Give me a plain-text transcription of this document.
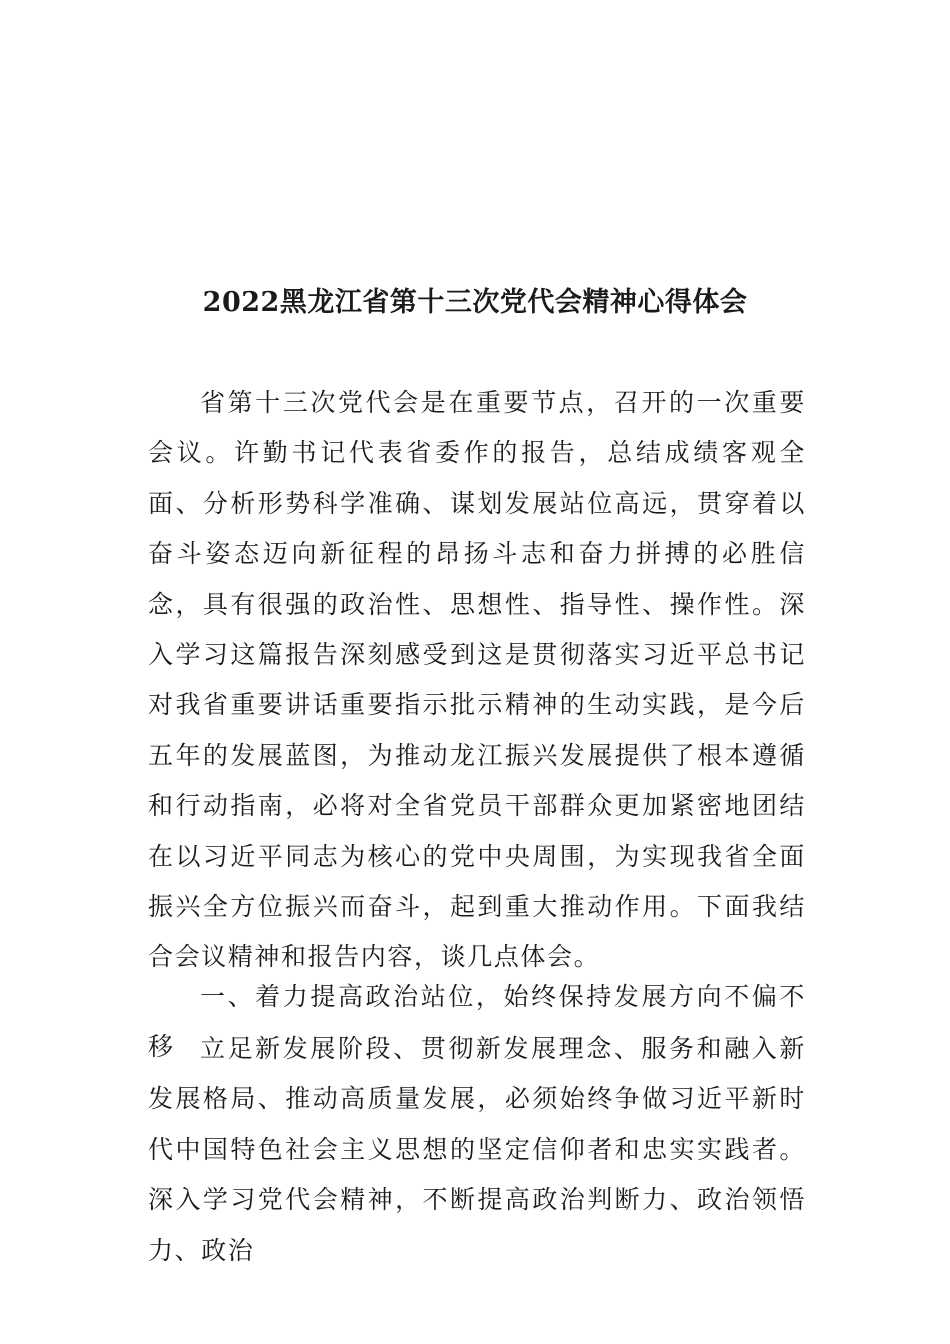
2022黑龙江省第十三次党代会精神心得体会

省第十三次党代会是在重要节点，召开的一次重要会议。许勤书记代表省委作的报告，总结成绩客观全面、分析形势科学准确、谋划发展站位高远，贯穿着以奋斗姿态迈向新征程的昂扬斗志和奋力拼搏的必胜信念，具有很强的政治性、思想性、指导性、操作性。深入学习这篇报告深刻感受到这是贯彻落实习近平总书记对我省重要讲话重要指示批示精神的生动实践，是今后五年的发展蓝图，为推动龙江振兴发展提供了根本遵循和行动指南，必将对全省党员干部群众更加紧密地团结在以习近平同志为核心的党中央周围，为实现我省全面振兴全方位振兴而奋斗，起到重大推动作用。下面我结合会议精神和报告内容，谈几点体会。

一、着力提高政治站位，始终保持发展方向不偏不移	立足新发展阶段、贯彻新发展理念、服务和融入新发展格局、推动高质量发展，必须始终争做习近平新时代中国特色社会主义思想的坚定信仰者和忠实实践者。深入学习党代会精神，不断提高政治判断力、政治领悟力、政治
